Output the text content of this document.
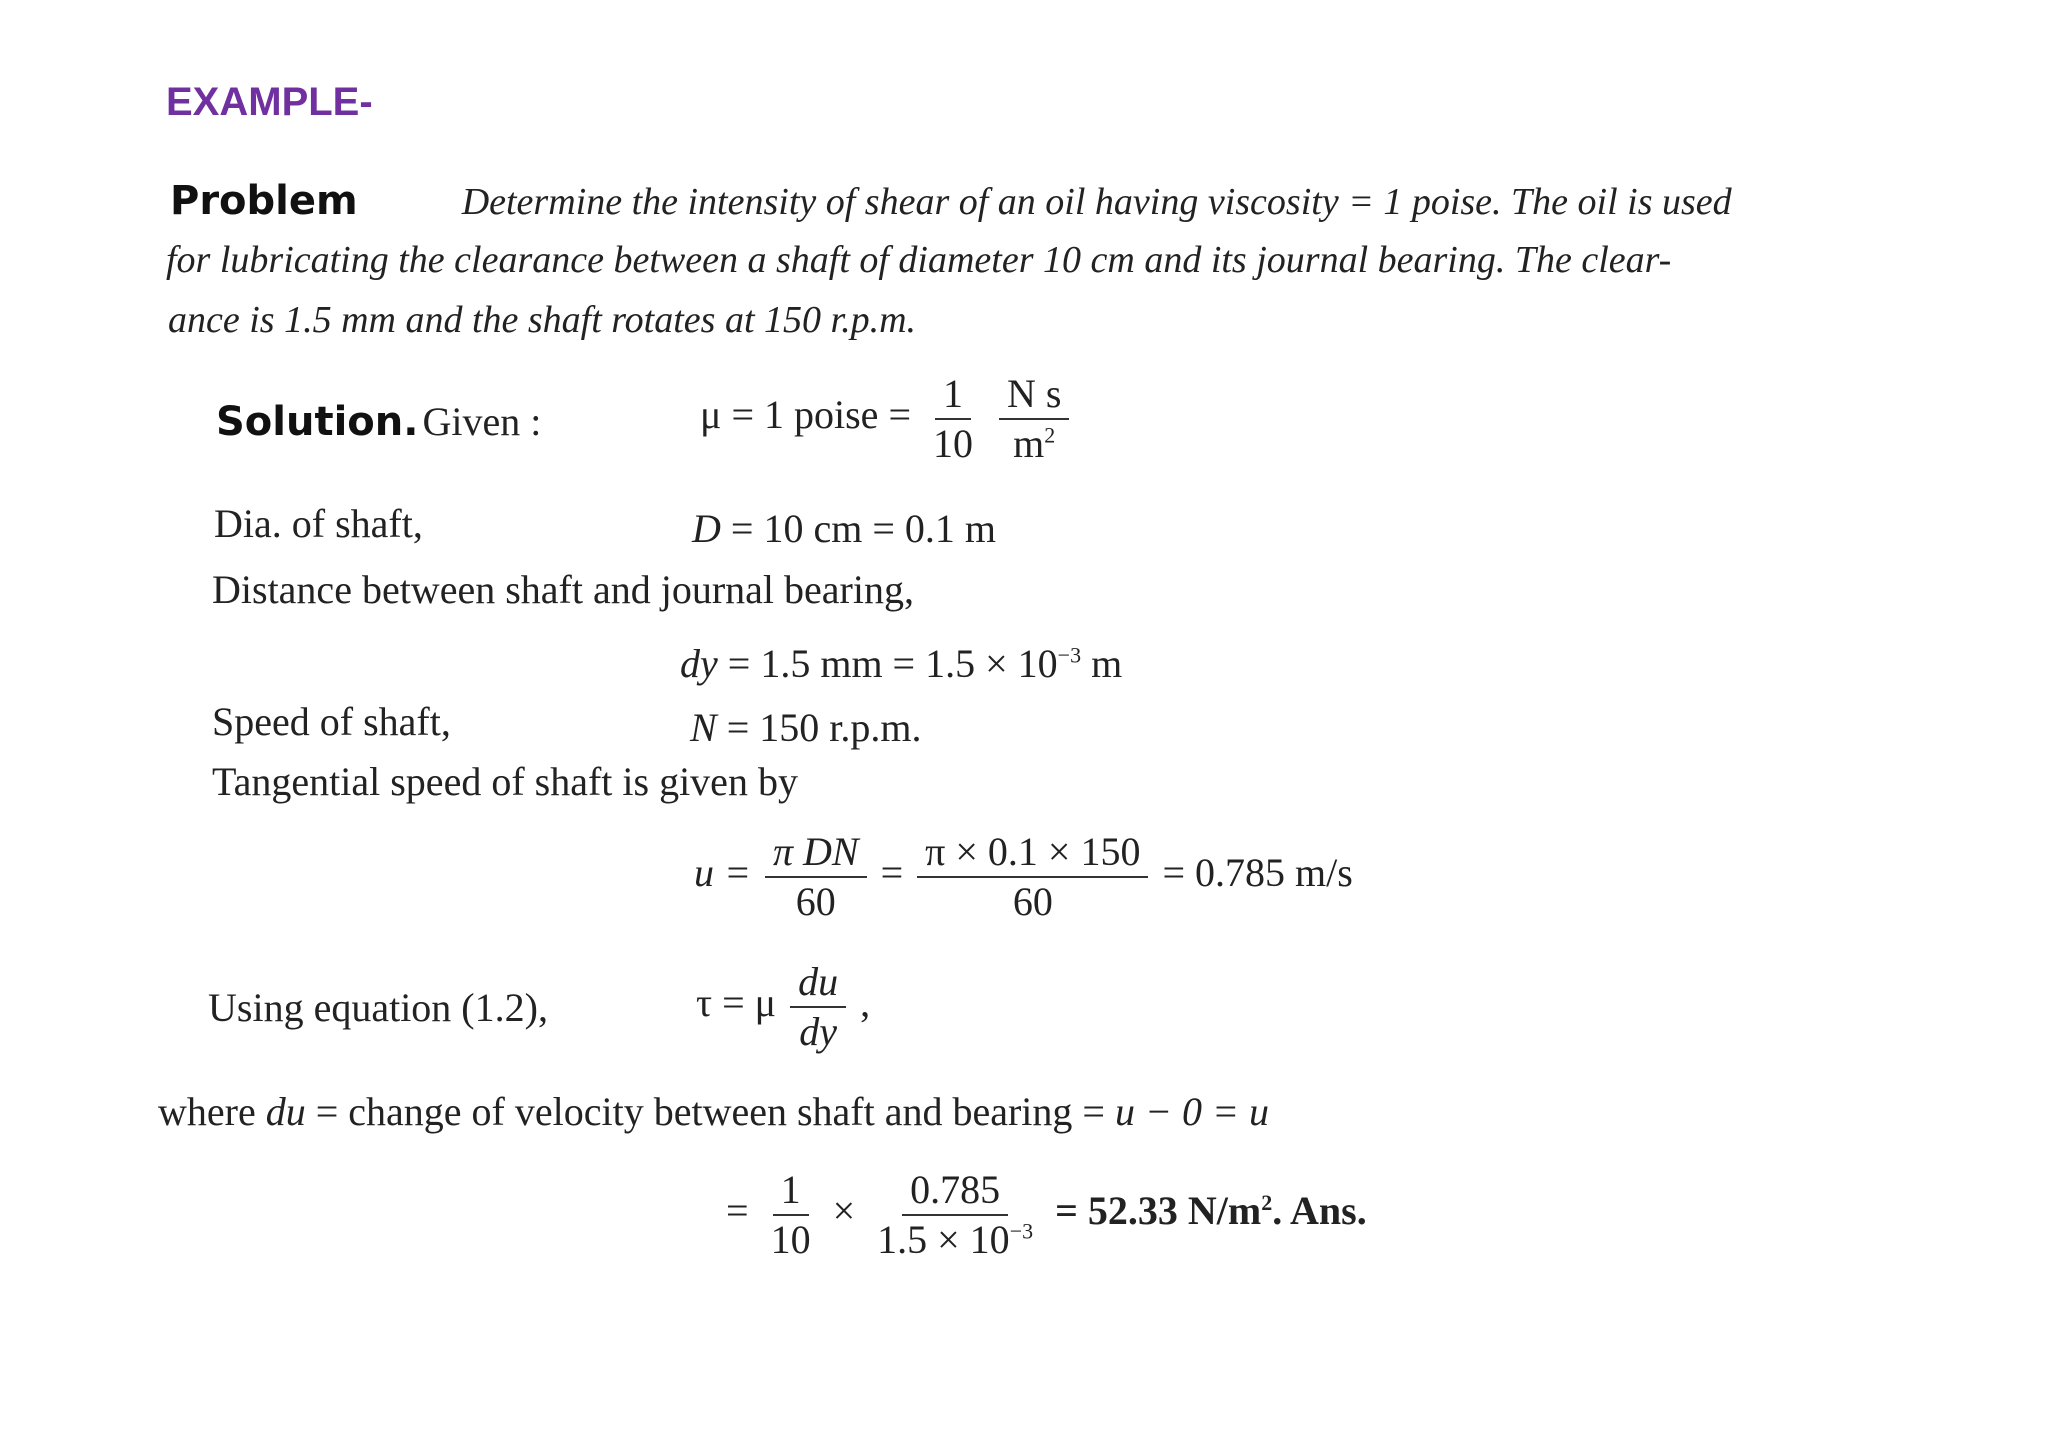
EXAMPLE-
Problem	Determine the intensity of shear of an oil having viscosity = 1 poise. The oil is used
for lubricating the clearance between a shaft of diameter 10 cm and its journal bearing. The clear-
ance is 1.5 mm and the shaft rotates at 150 r.p.m.
Solution. Given :	μ = 1 poise = $\frac{1}{10}$
$\frac{\text{N s}}{m^2}$
Dia. of shaft,	D = 10 cm = 0.1 m
Distance between shaft and journal bearing,
dy = 1.5 mm = $1.5 \times 10^{-3}$ m
Speed of shaft,	N = 150 r.p.m.
Tangential speed of shaft is given by
$u = \frac{\text{π DN}}{60} = \frac{\pi \times 0.1 \times 150}{60} = 0.785$ m/s
Using equation (1.2),	τ = μ $\frac{du}{dy}$ ,
where du = change of velocity between shaft and bearing = u − 0 = u
= $\frac{1}{10} \times \frac{0.785}{1.5 \times 10^{-3}} = 52.33$ $N/m^2$. Ans.
